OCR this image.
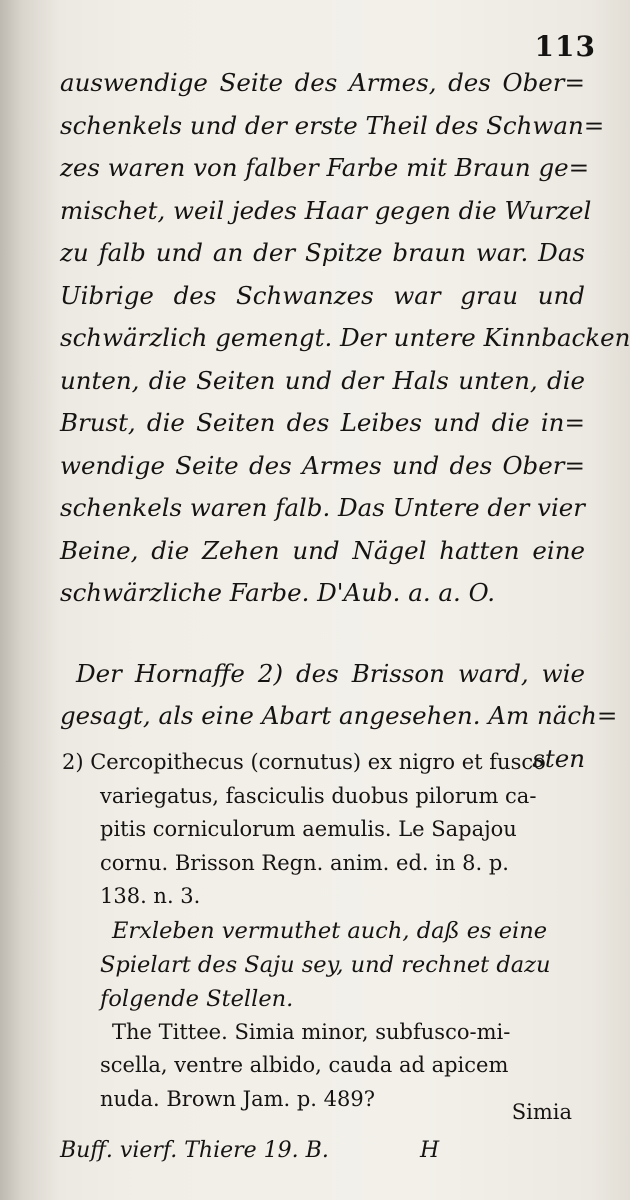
113
auswendige Seite des Armes, des Ober=
schenkels und der erste Theil des Schwan=
zes waren von falber Farbe mit Braun ge=
mischet, weil jedes Haar gegen die Wurzel
zu falb und an der Spitze braun war. Das
Uibrige des Schwanzes war grau und
schwärzlich gemengt. Der untere Kinnbacken
unten, die Seiten und der Hals unten, die
Brust, die Seiten des Leibes und die in=
wendige Seite des Armes und des Ober=
schenkels waren falb. Das Untere der vier
Beine, die Zehen und Nägel hatten eine
schwärzliche Farbe. D'Aub. a. a. O.
Der Hornaffe 2) des Brisson ward, wie
gesagt, als eine Abart angesehen. Am näch=
sten
2) Cercopithecus (cornutus) ex nigro et fusco
variegatus, fasciculis duobus pilorum ca-
pitis corniculorum aemulis. Le Sapajou
cornu. Brisson Regn. anim. ed. in 8. p.
138. n. 3.
Erxleben vermuthet auch, daß es eine
Spielart des Saju sey, und rechnet dazu
folgende Stellen.
The Tittee. Simia minor, subfusco-mi-
scella, ventre albido, cauda ad apicem
nuda. Brown Jam. p. 489?
Simia
Buff. vierf. Thiere 19. B.	H
